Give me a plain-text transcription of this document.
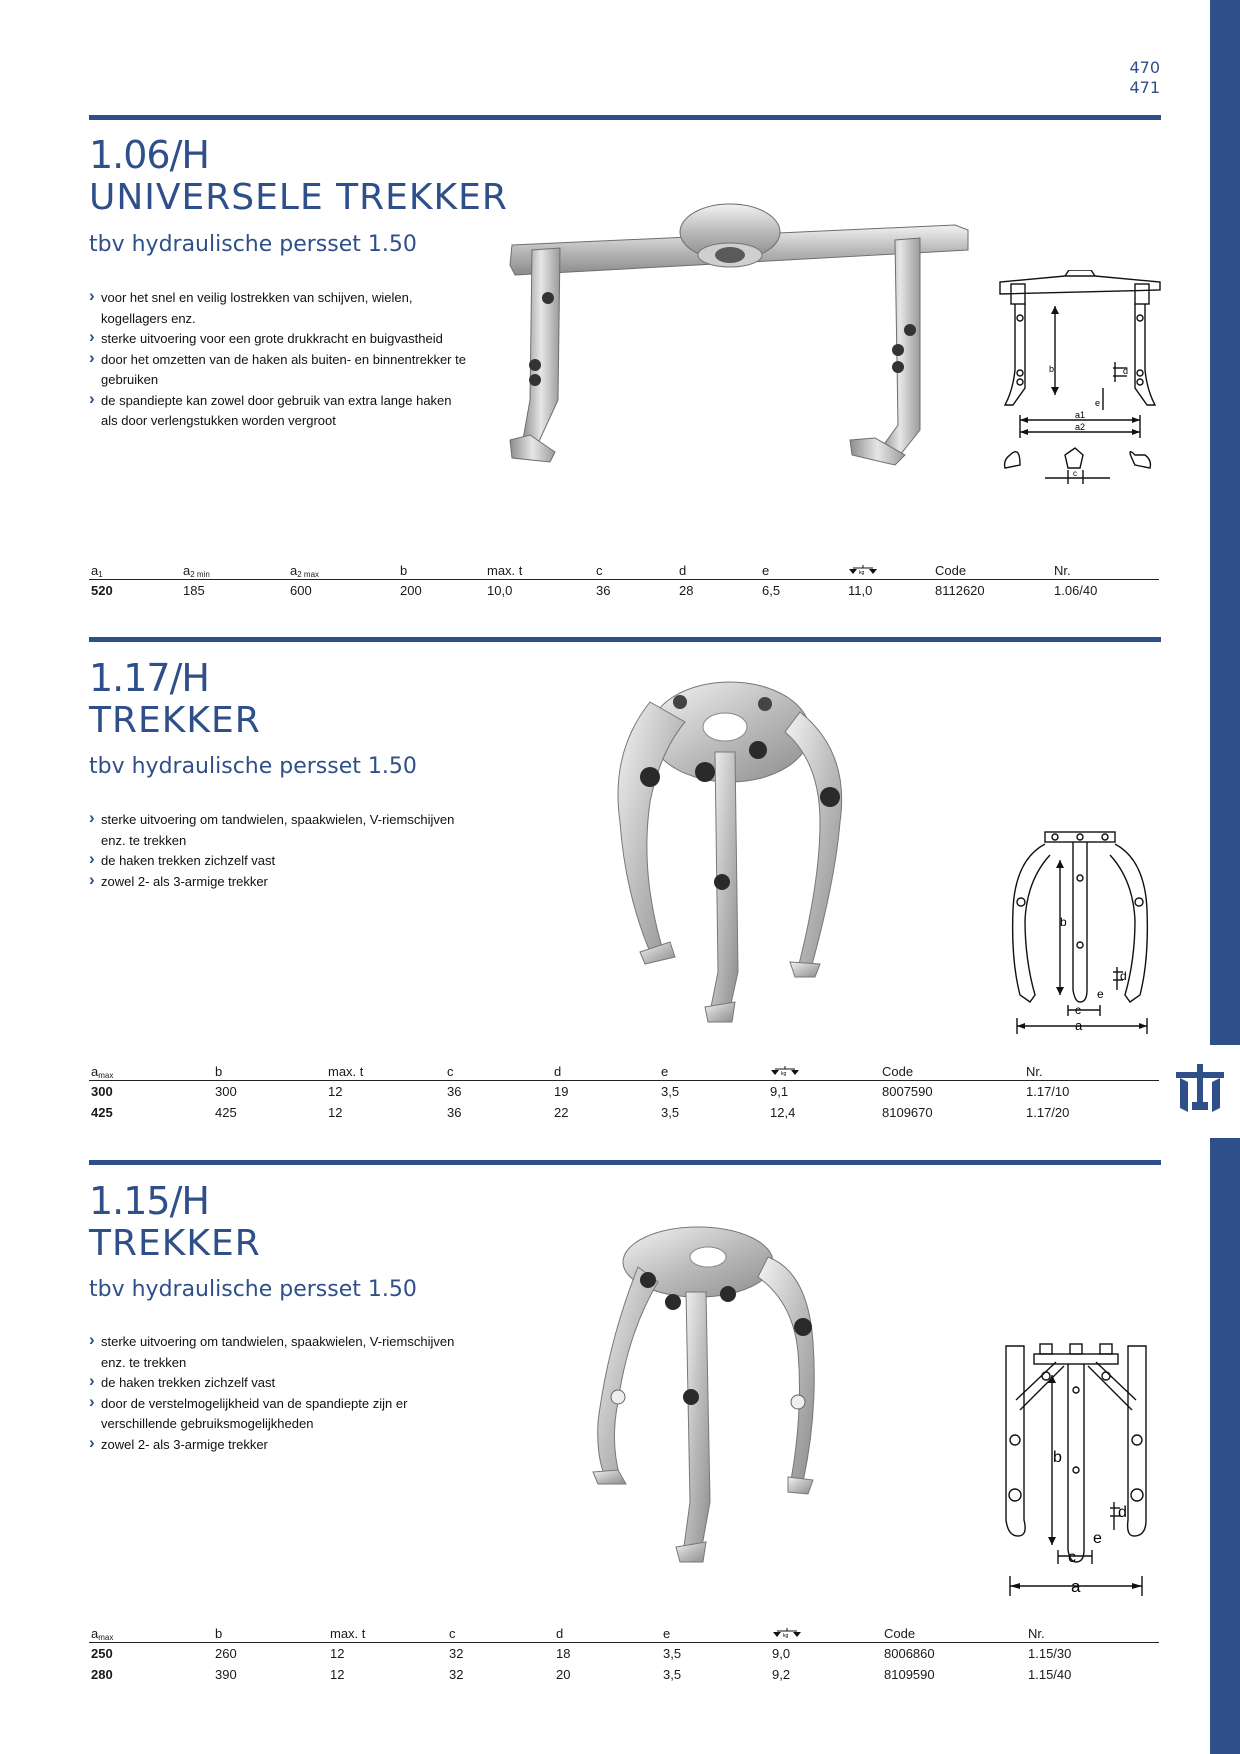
470
471
1.06/H
UNIVERSELE TREKKER
tbv hydraulische persset 1.50
› voor het snel en veilig lostrekken van schijven, wielen, kogellagers enz.
› sterke uitvoering voor een grote drukkracht en buigvastheid
› door het omzetten van de haken als buiten- en binnentrekker te gebruiken
› de spandiepte kan zowel door gebruik van extra lange haken als door verlengstukken worden vergroot
b	d
e
a1
a2
c
$a_1$	$a_{2 min}$	$a_{2 max}$	b	max. t	c	d	e	kg	Code	Nr.
520	185	600	200	10,0	36	28	6,5	11,0	8112620	1.06/40
1.17/H
TREKKER
tbv hydraulische persset 1.50
› sterke uitvoering om tandwielen, spaakwielen, V-riemschijven enz. te trekken
› de haken trekken zichzelf vast
› zowel 2- als 3-armige trekker
b
d
e
c
a
$a_{max}$	b	max. t	c	d	e	kg	Code	Nr.
300	300	12	36	19	3,5	9,1	8007590	1.17/10
425	425	12	36	22	3,5	12,4	8109670	1.17/20
1.15/H
TREKKER
tbv hydraulische persset 1.50
› sterke uitvoering om tandwielen, spaakwielen, V-riemschijven enz. te trekken
› de haken trekken zichzelf vast
› door de verstelmogelijkheid van de spandiepte zijn er verschillende gebruiksmogelijkheden
› zowel 2- als 3-armige trekker
b
d
e
c
a
$a_{max}$	b	max. t	c	d	e	kg	Code	Nr.
250	260	12	32	18	3,5	9,0	8006860	1.15/30
280	390	12	32	20	3,5	9,2	8109590	1.15/40
